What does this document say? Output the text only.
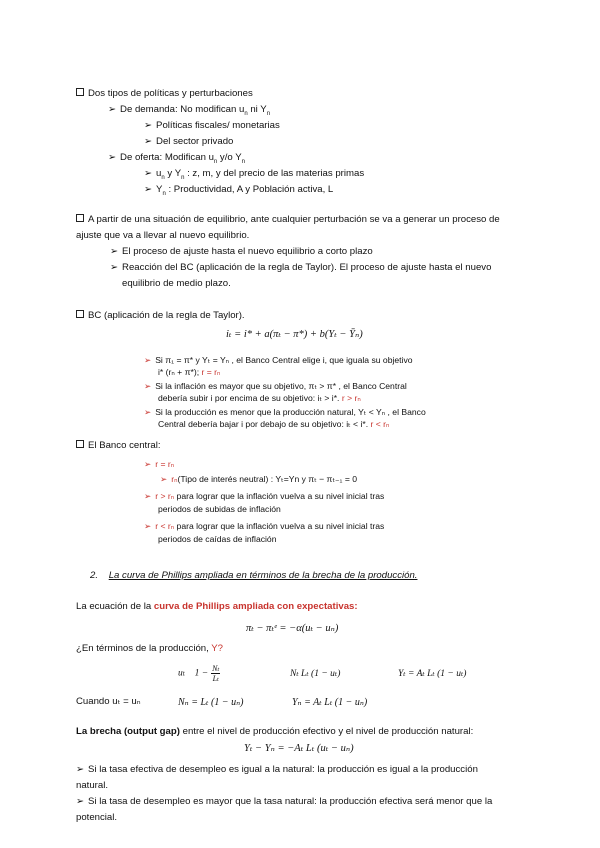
Dos tipos de políticas y perturbaciones
➢ De demanda: No modifican $u_n$ ni $Y_n$
➢ Políticas fiscales/ monetarias
➢ Del sector privado
➢ De oferta: Modifican $u_n$ y/o $Y_n$
➢ $u_n$ y $Y_n$ : z, m, y del precio de las materias primas
➢ $Y_n$ : Productividad, A y Población activa, L
A partir de una situación de equilibrio, ante cualquier perturbación se va a generar un proceso de
ajuste que va a llevar al nuevo equilibrio.
➢ El proceso de ajuste hasta el nuevo equilibrio a corto plazo
➢ Reacción del BC (aplicación de la regla de Taylor). El proceso de ajuste hasta el nuevo
equilibrio de medio plazo.
BC (aplicación de la regla de Taylor).
iₜ = i* + a(πₜ − π*) + b(Yₜ − Ȳₙ)
➢ Si π₁ = π* y Yₜ = Yₙ , el Banco Central elige i, que iguala su objetivo
i* (rₙ + π*); r = rₙ
➢ Si la inflación es mayor que su objetivo, πₜ > π* , el Banco Central
debería subir i por encima de su objetivo: iₜ > i*. r > rₙ
➢ Si la producción es menor que la producción natural, Yₜ < Yₙ , el Banco
Central debería bajar i por debajo de su objetivo: iₜ < i*. r < rₙ
El Banco central:
➢ r = rₙ
➢ rₙ(Tipo de interés neutral) : Yₜ=Yn y πₜ − πₜ₋₁ = 0
➢ r > rₙ para lograr que la inflación vuelva a su nivel inicial tras
periodos de subidas de inflación
➢ r < rₙ para lograr que la inflación vuelva a su nivel inicial tras
periodos de caídas de inflación
2. La curva de Phillips ampliada en términos de la brecha de la producción.
La ecuación de la curva de Phillips ampliada con expectativas:
πₜ − πₜᵉ = −α(uₜ − uₙ)
¿En términos de la producción, Y?
uₜ $1 - \frac{\text{Nₜ}}{\text{Lₜ}}$	Nₜ Lₜ (1 − uₜ)	Yₜ = Aₜ Lₜ (1 − uₜ)
Cuando uₜ = uₙ	Nₙ = Lₜ (1 − uₙ)	Yₙ = Aₜ Lₜ (1 − uₙ)
La brecha (output gap) entre el nivel de producción efectivo y el nivel de producción natural:
Yₜ − Yₙ = −Aₜ Lₜ (uₜ − uₙ)
➢ Si la tasa efectiva de desempleo es igual a la natural: la producción es igual a la producción
natural.
➢ Si la tasa de desempleo es mayor que la tasa natural: la producción efectiva será menor que la
potencial.
